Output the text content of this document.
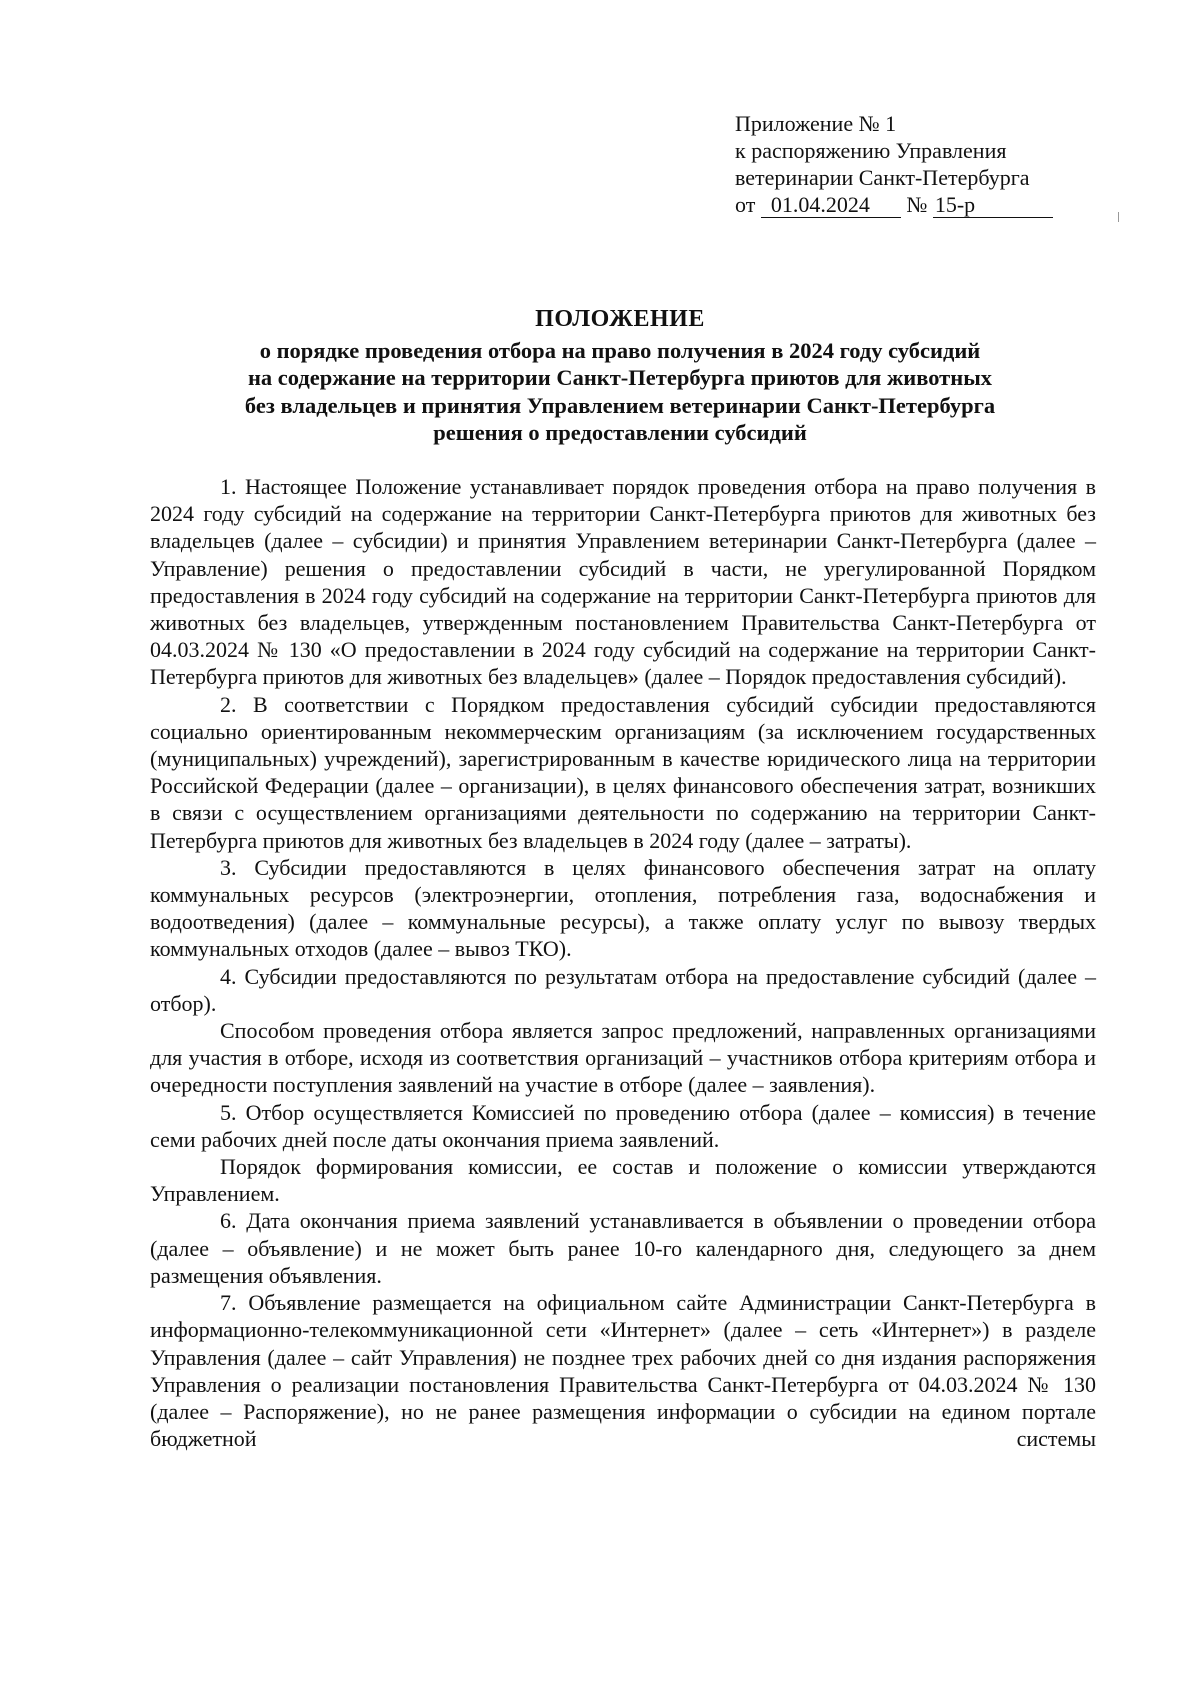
Приложение № 1
к распоряжению Управления
ветеринарии Санкт-Петербурга
от 01.04.2024 № 15-р
ПОЛОЖЕНИЕ
о порядке проведения отбора на право получения в 2024 году субсидий
на содержание на территории Санкт-Петербурга приютов для животных
без владельцев и принятия Управлением ветеринарии Санкт-Петербурга
решения о предоставлении субсидий

1. Настоящее Положение устанавливает порядок проведения отбора на право получения в 2024 году субсидий на содержание на территории Санкт-Петербурга приютов для животных без владельцев (далее – субсидии) и принятия Управлением ветеринарии Санкт-Петербурга (далее – Управление) решения о предоставлении субсидий в части, не урегулированной Порядком предоставления в 2024 году субсидий на содержание на территории Санкт-Петербурга приютов для животных без владельцев, утвержденным постановлением Правительства Санкт-Петербурга от 04.03.2024 № 130 «О предоставлении в 2024 году субсидий на содержание на территории Санкт-Петербурга приютов для животных без владельцев» (далее – Порядок предоставления субсидий).

2. В соответствии с Порядком предоставления субсидий субсидии предоставляются социально ориентированным некоммерческим организациям (за исключением государственных (муниципальных) учреждений), зарегистрированным в качестве юридического лица на территории Российской Федерации (далее – организации), в целях финансового обеспечения затрат, возникших в связи с осуществлением организациями деятельности по содержанию на территории Санкт-Петербурга приютов для животных без владельцев в 2024 году (далее – затраты).

3. Субсидии предоставляются в целях финансового обеспечения затрат на оплату коммунальных ресурсов (электроэнергии, отопления, потребления газа, водоснабжения и водоотведения) (далее – коммунальные ресурсы), а также оплату услуг по вывозу твердых коммунальных отходов (далее – вывоз ТКО).

4. Субсидии предоставляются по результатам отбора на предоставление субсидий (далее – отбор).

Способом проведения отбора является запрос предложений, направленных организациями для участия в отборе, исходя из соответствия организаций – участников отбора критериям отбора и очередности поступления заявлений на участие в отборе (далее – заявления).

5. Отбор осуществляется Комиссией по проведению отбора (далее – комиссия) в течение семи рабочих дней после даты окончания приема заявлений.

Порядок формирования комиссии, ее состав и положение о комиссии утверждаются Управлением.

6. Дата окончания приема заявлений устанавливается в объявлении о проведении отбора (далее – объявление) и не может быть ранее 10-го календарного дня, следующего за днем размещения объявления.

7. Объявление размещается на официальном сайте Администрации Санкт-Петербурга в информационно-телекоммуникационной сети «Интернет» (далее – сеть «Интернет») в разделе Управления (далее – сайт Управления) не позднее трех рабочих дней со дня издания распоряжения Управления о реализации постановления Правительства Санкт-Петербурга от 04.03.2024 № 130 (далее – Распоряжение), но не ранее размещения информации о субсидии на едином портале бюджетной системы
